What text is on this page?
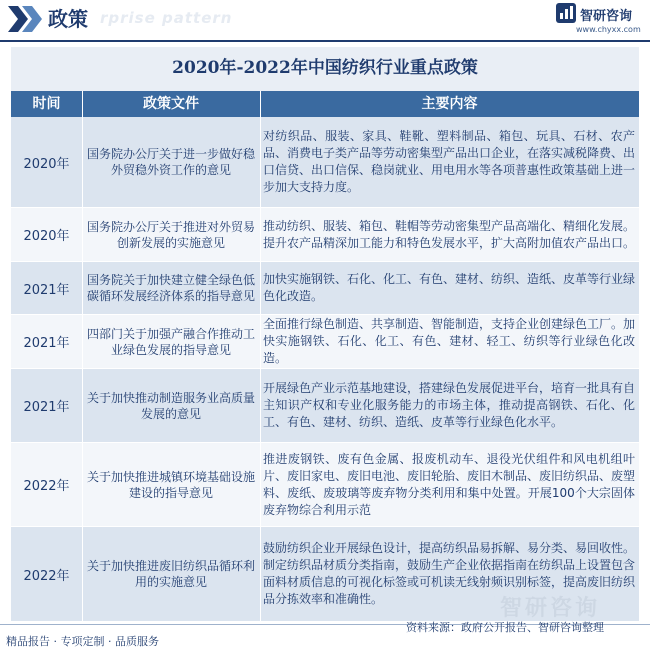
rprise pattern
政策	智研咨询
www.chyxx.com
2020年-2022年中国纺织行业重点政策
时间	政策文件	主要内容
2020年
国务院办公厅关于进一步做好稳外贸稳外资工作的意见
对纺织品、服装、家具、鞋靴、塑料制品、箱包、玩具、石材、农产品、消费电子类产品等劳动密集型产品出口企业，在落实减税降费、出口信贷、出口信保、稳岗就业、用电用水等各项普惠性政策基础上进一步加大支持力度。
2020年
国务院办公厅关于推进对外贸易创新发展的实施意见
推动纺织、服装、箱包、鞋帽等劳动密集型产品高端化、精细化发展。提升农产品精深加工能力和特色发展水平，扩大高附加值农产品出口。
2021年
国务院关于加快建立健全绿色低碳循环发展经济体系的指导意见
加快实施钢铁、石化、化工、有色、建材、纺织、造纸、皮革等行业绿色化改造。
2021年
四部门关于加强产融合作推动工业绿色发展的指导意见
全面推行绿色制造、共享制造、智能制造，支持企业创建绿色工厂。加快实施钢铁、石化、化工、有色、建材、轻工、纺织等行业绿色化改造。
2021年
关于加快推动制造服务业高质量发展的意见
开展绿色产业示范基地建设，搭建绿色发展促进平台，培育一批具有自主知识产权和专业化服务能力的市场主体，推动提高钢铁、石化、化工、有色、建材、纺织、造纸、皮革等行业绿色化水平。
2022年
关于加快推进城镇环境基础设施建设的指导意见
推进废钢铁、废有色金属、报废机动车、退役光伏组件和风电机组叶片、废旧家电、废旧电池、废旧轮胎、废旧木制品、废旧纺织品、废塑料、废纸、废玻璃等废弃物分类利用和集中处置。开展100个大宗固体废弃物综合利用示范
2022年
关于加快推进废旧纺织品循环利用的实施意见
鼓励纺织企业开展绿色设计，提高纺织品易拆解、易分类、易回收性。制定纺织品材质分类指南，鼓励生产企业依据指南在纺织品上设置包含面料材质信息的可视化标签或可机读无线射频识别标签，提高废旧纺织品分拣效率和准确性。	智研咨询
资料来源：政府公开报告、智研咨询整理
精品报告 · 专项定制 · 品质服务
